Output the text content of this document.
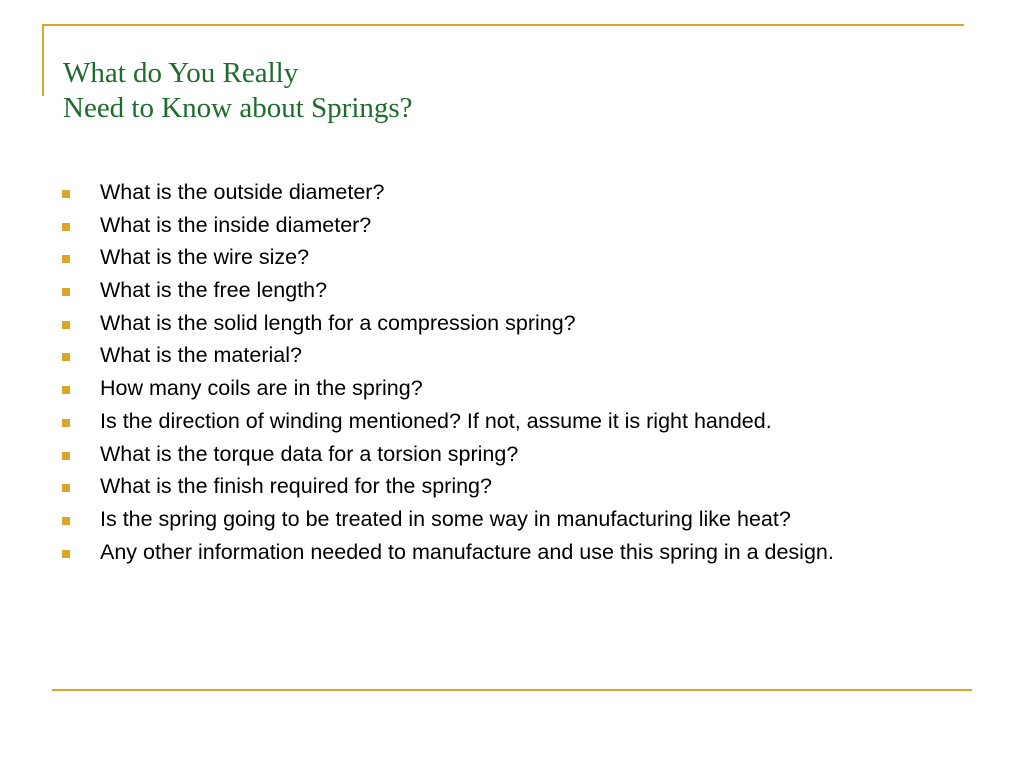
What do You Really
Need to Know about Springs?
What is the outside diameter?
What is the inside diameter?
What is the wire size?
What is the free length?
What is the solid length for a compression spring?
What is the material?
How many coils are in the spring?
Is the direction of winding mentioned? If not, assume it is right handed.
What is the torque data for a torsion spring?
What is the finish required for the spring?
Is the spring going to be treated in some way in manufacturing like heat?
Any other information needed to manufacture and use this spring in a design.
